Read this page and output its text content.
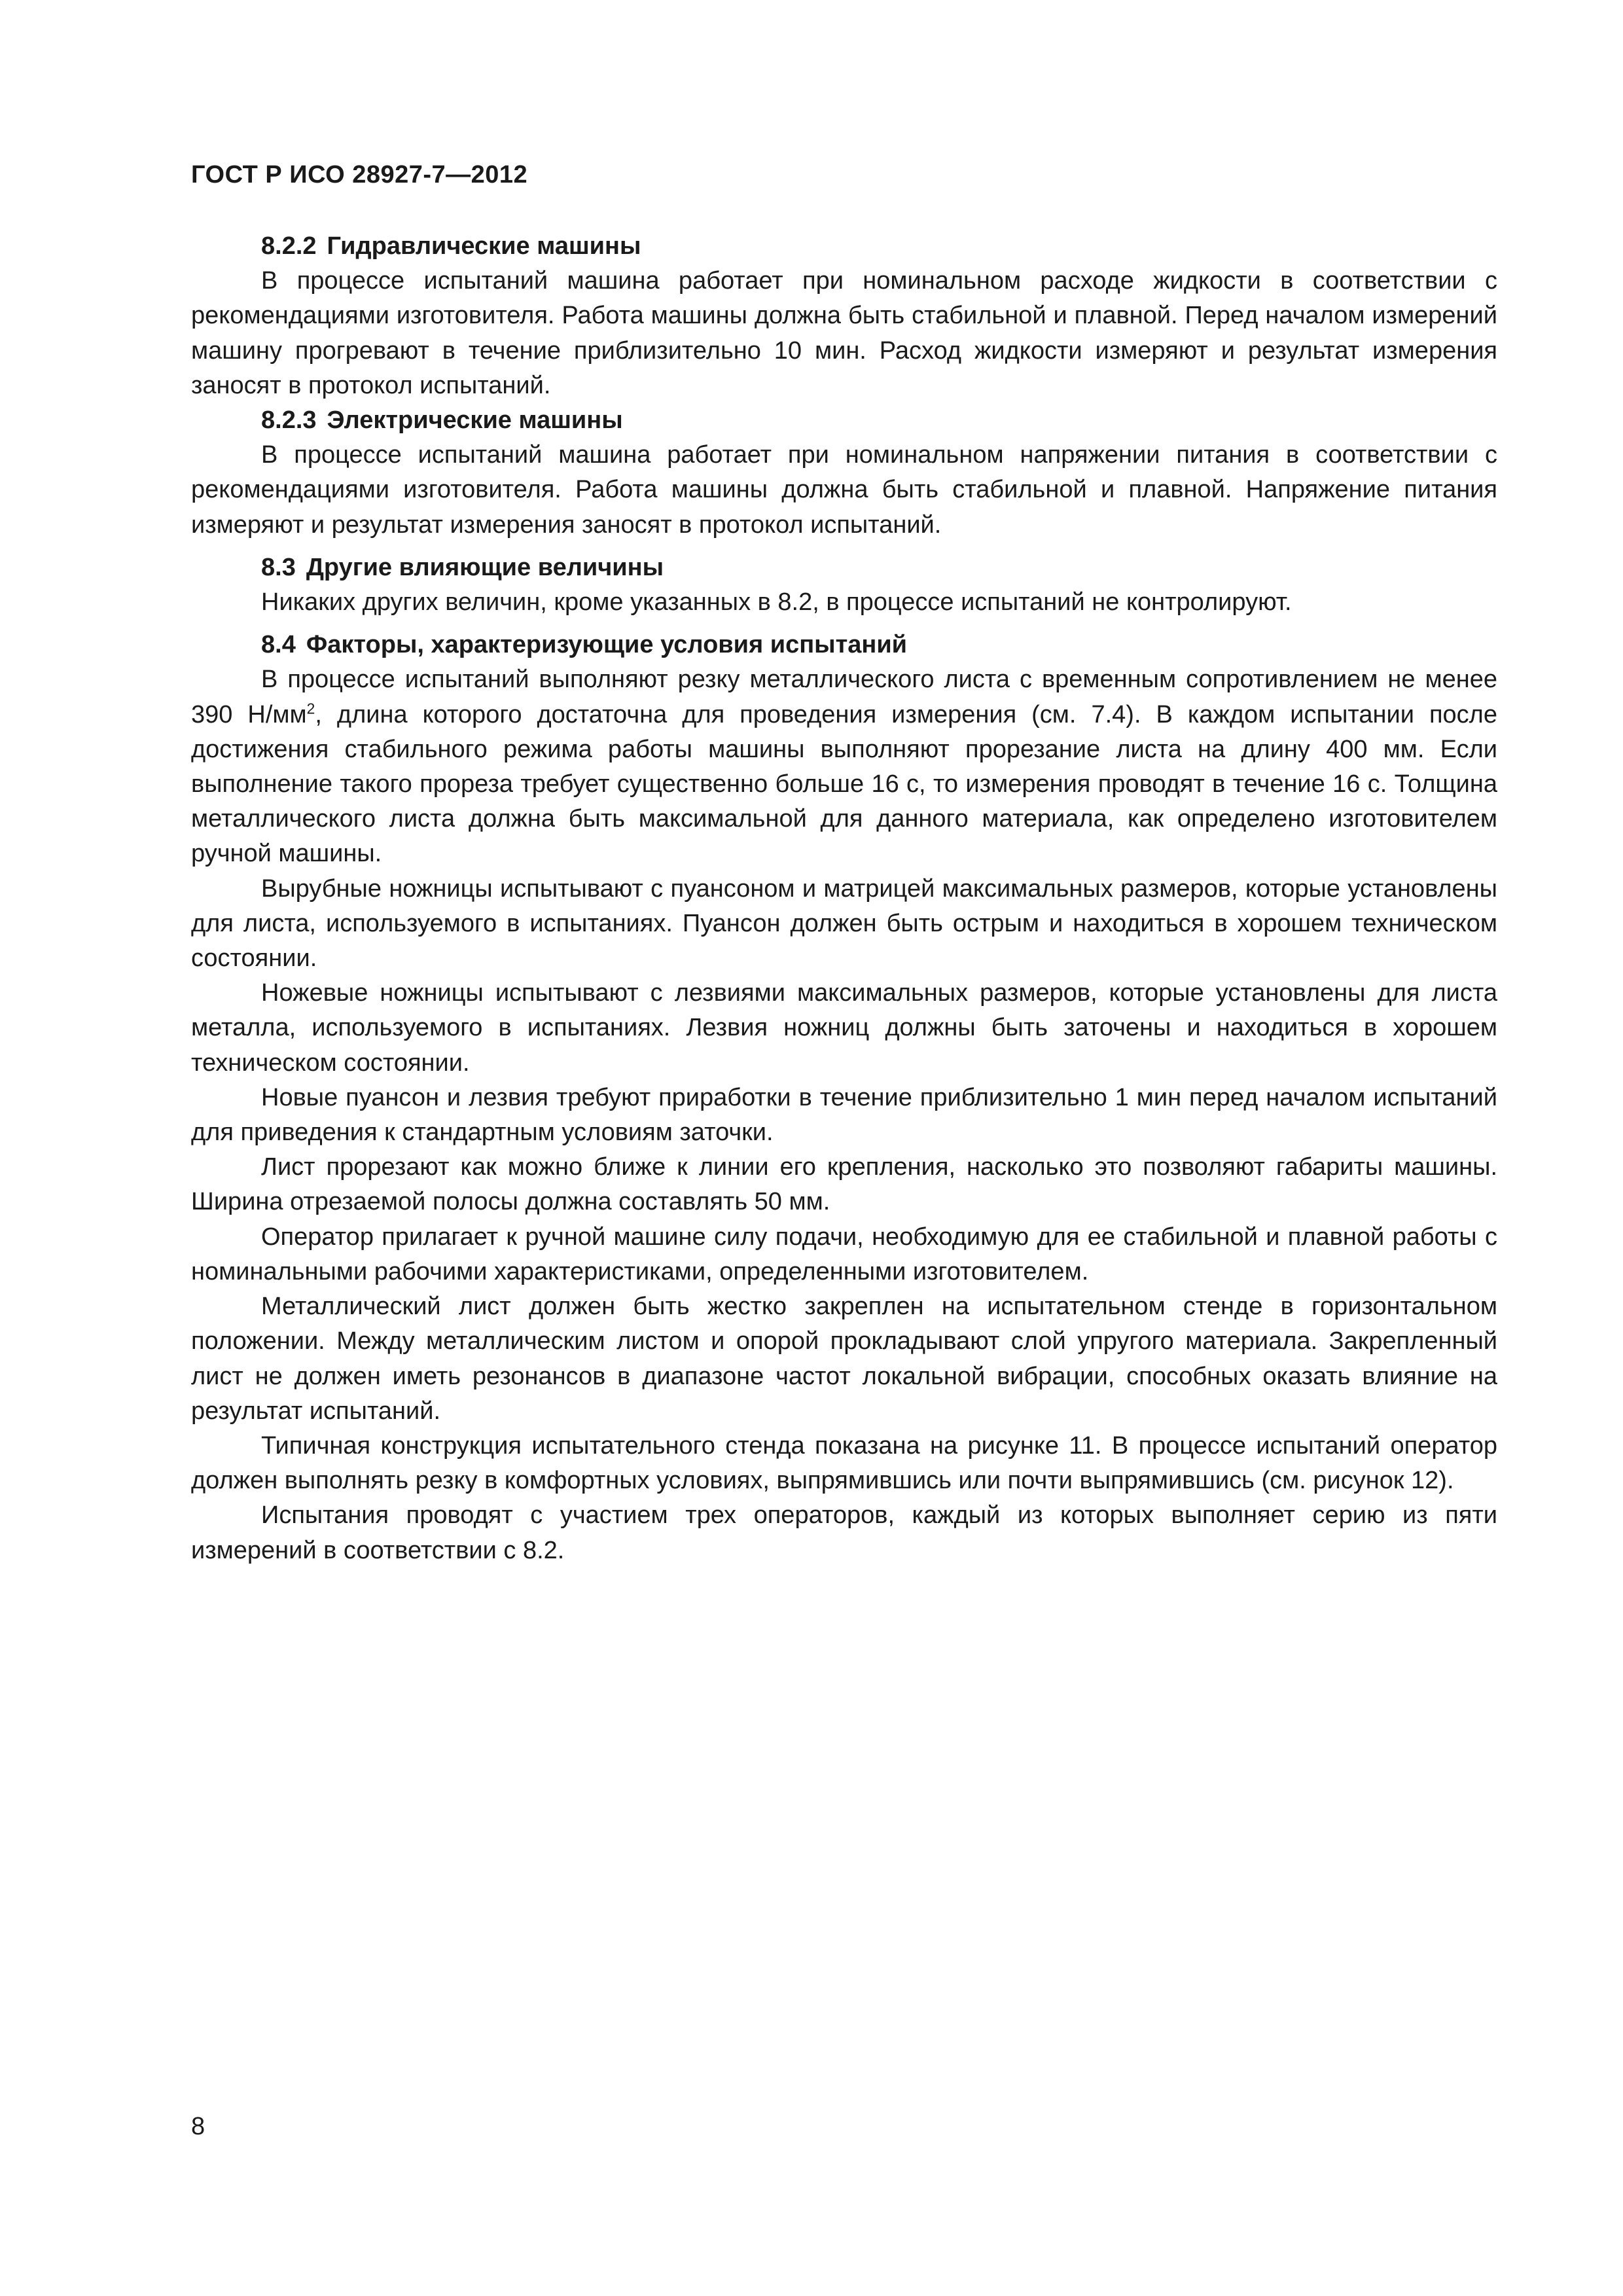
ГОСТ Р ИСО 28927-7—2012
8.2.2 Гидравлические машины

В процессе испытаний машина работает при номинальном расходе жидкости в соответствии с рекомендациями изготовителя. Работа машины должна быть стабильной и плавной. Перед началом измерений машину прогревают в течение приблизительно 10 мин. Расход жидкости измеряют и результат измерения заносят в протокол испытаний.

8.2.3 Электрические машины

В процессе испытаний машина работает при номинальном напряжении питания в соответствии с рекомендациями изготовителя. Работа машины должна быть стабильной и плавной. Напряжение питания измеряют и результат измерения заносят в протокол испытаний.

8.3 Другие влияющие величины

Никаких других величин, кроме указанных в 8.2, в процессе испытаний не контролируют.

8.4 Факторы, характеризующие условия испытаний

В процессе испытаний выполняют резку металлического листа с временным сопротивлением не менее 390 $Н/мм^2$, длина которого достаточна для проведения измерения (см. 7.4). В каждом испытании после достижения стабильного режима работы машины выполняют прорезание листа на длину 400 мм. Если выполнение такого прореза требует существенно больше 16 с, то измерения проводят в течение 16 с. Толщина металлического листа должна быть максимальной для данного материала, как определено изготовителем ручной машины.

Вырубные ножницы испытывают с пуансоном и матрицей максимальных размеров, которые установлены для листа, используемого в испытаниях. Пуансон должен быть острым и находиться в хорошем техническом состоянии.

Ножевые ножницы испытывают с лезвиями максимальных размеров, которые установлены для листа металла, используемого в испытаниях. Лезвия ножниц должны быть заточены и находиться в хорошем техническом состоянии.

Новые пуансон и лезвия требуют приработки в течение приблизительно 1 мин перед началом испытаний для приведения к стандартным условиям заточки.

Лист прорезают как можно ближе к линии его крепления, насколько это позволяют габариты машины. Ширина отрезаемой полосы должна составлять 50 мм.

Оператор прилагает к ручной машине силу подачи, необходимую для ее стабильной и плавной работы с номинальными рабочими характеристиками, определенными изготовителем.

Металлический лист должен быть жестко закреплен на испытательном стенде в горизонтальном положении. Между металлическим листом и опорой прокладывают слой упругого материала. Закрепленный лист не должен иметь резонансов в диапазоне частот локальной вибрации, способных оказать влияние на результат испытаний.

Типичная конструкция испытательного стенда показана на рисунке 11. В процессе испытаний оператор должен выполнять резку в комфортных условиях, выпрямившись или почти выпрямившись (см. рисунок 12).

Испытания проводят с участием трех операторов, каждый из которых выполняет серию из пяти измерений в соответствии с 8.2.

8
